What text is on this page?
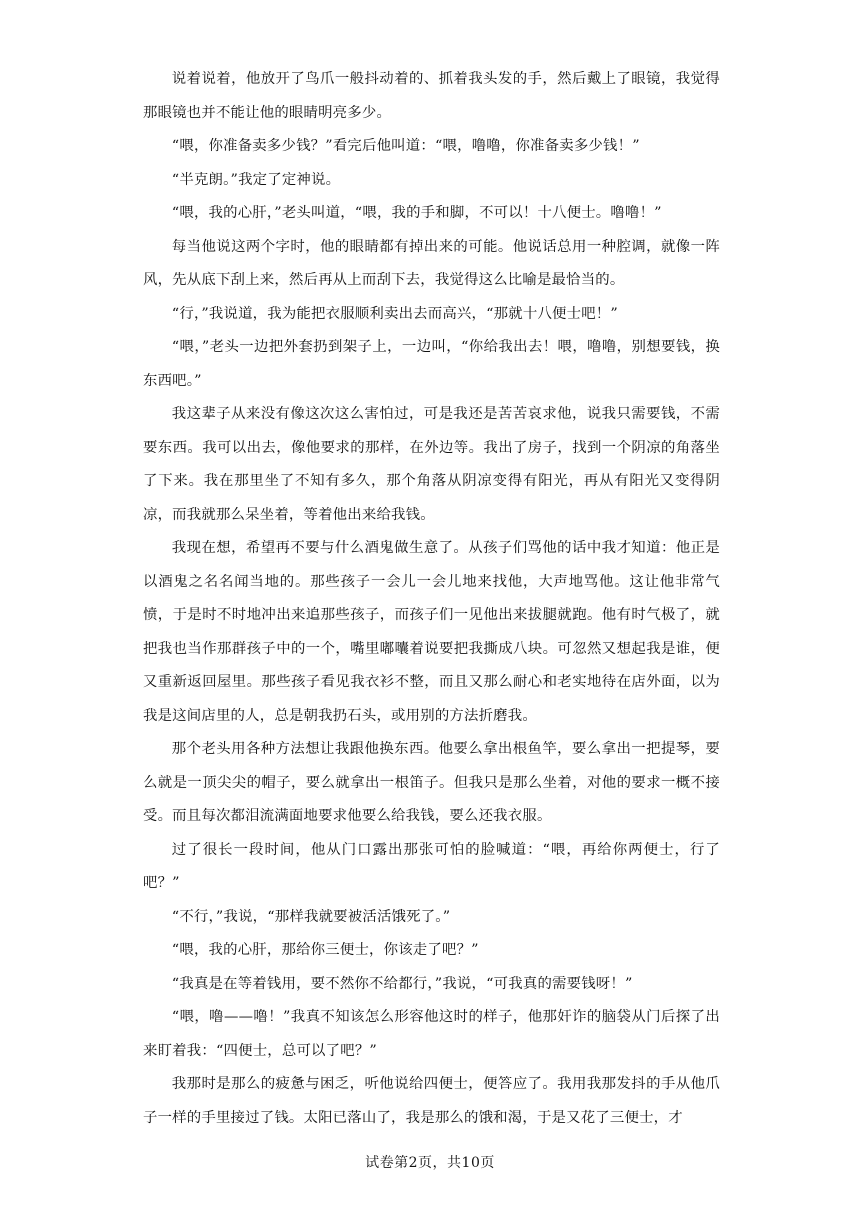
说着说着，他放开了鸟爪一般抖动着的、抓着我头发的手，然后戴上了眼镜，我觉得那眼镜也并不能让他的眼睛明亮多少。

“喂，你准备卖多少钱？”看完后他叫道：“喂，噜噜，你准备卖多少钱！”

“半克朗。”我定了定神说。

“喂，我的心肝，”老头叫道，“喂，我的手和脚，不可以！十八便士。噜噜！”

每当他说这两个字时，他的眼睛都有掉出来的可能。他说话总用一种腔调，就像一阵风，先从底下刮上来，然后再从上而刮下去，我觉得这么比喻是最恰当的。

“行，”我说道，我为能把衣服顺利卖出去而高兴，“那就十八便士吧！”

“喂，”老头一边把外套扔到架子上，一边叫，“你给我出去！喂，噜噜，别想要钱，换东西吧。”

我这辈子从来没有像这次这么害怕过，可是我还是苦苦哀求他，说我只需要钱，不需要东西。我可以出去，像他要求的那样，在外边等。我出了房子，找到一个阴凉的角落坐了下来。我在那里坐了不知有多久，那个角落从阴凉变得有阳光，再从有阳光又变得阴凉，而我就那么呆坐着，等着他出来给我钱。

我现在想，希望再不要与什么酒鬼做生意了。从孩子们骂他的话中我才知道：他正是以酒鬼之名名闻当地的。那些孩子一会儿一会儿地来找他，大声地骂他。这让他非常气愤，于是时不时地冲出来追那些孩子，而孩子们一见他出来拔腿就跑。他有时气极了，就把我也当作那群孩子中的一个，嘴里嘟囔着说要把我撕成八块。可忽然又想起我是谁，便又重新返回屋里。那些孩子看见我衣衫不整，而且又那么耐心和老实地待在店外面，以为我是这间店里的人，总是朝我扔石头，或用别的方法折磨我。

那个老头用各种方法想让我跟他换东西。他要么拿出根鱼竿，要么拿出一把提琴，要么就是一顶尖尖的帽子，要么就拿出一根笛子。但我只是那么坐着，对他的要求一概不接受。而且每次都泪流满面地要求他要么给我钱，要么还我衣服。

过了很长一段时间，他从门口露出那张可怕的脸喊道：“喂，再给你两便士，行了吧？”

“不行，”我说，“那样我就要被活活饿死了。”

“喂，我的心肝，那给你三便士，你该走了吧？”

“我真是在等着钱用，要不然你不给都行，”我说，“可我真的需要钱呀！”

“喂，噜——噜！”我真不知该怎么形容他这时的样子，他那奸诈的脑袋从门后探了出来盯着我：“四便士，总可以了吧？”

我那时是那么的疲惫与困乏，听他说给四便士，便答应了。我用我那发抖的手从他爪子一样的手里接过了钱。太阳已落山了，我是那么的饿和渴，于是又花了三便士，才

试卷第2页，共10页
